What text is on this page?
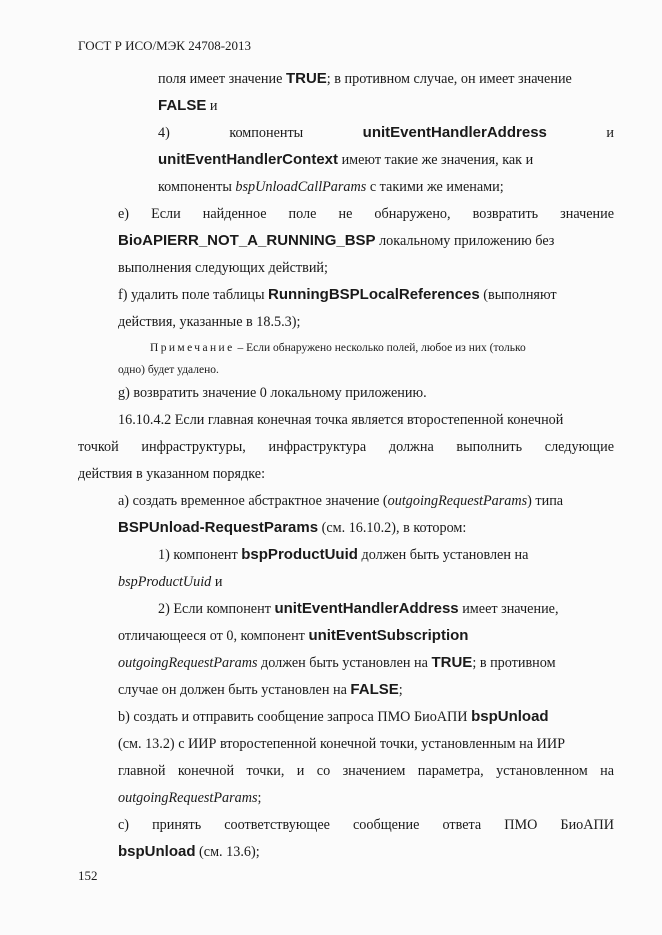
ГОСТ Р ИСО/МЭК 24708-2013
поля имеет значение TRUE; в противном случае, он имеет значение
FALSE и
4)	компоненты	unitEventHandlerAddress	и
unitEventHandlerContext имеют такие же значения, как и
компоненты bspUnloadCallParams с такими же именами;
е) Если найденное поле не обнаружено, возвратить значение
BioAPIERR_NOT_A_RUNNING_BSP локальному приложению без
выполнения следующих действий;
f) удалить поле таблицы RunningBSPLocalReferences (выполняют
действия, указанные в 18.5.3);
Примечание – Если обнаружено несколько полей, любое из них (только
одно) будет удалено.
g) возвратить значение 0 локальному приложению.
16.10.4.2 Если главная конечная точка является второстепенной конечной
точкой инфраструктуры, инфраструктура должна выполнить следующие
действия в указанном порядке:
а) создать временное абстрактное значение (outgoingRequestParams) типа
BSPUnload-RequestParams (см. 16.10.2), в котором:
1) компонент bspProductUuid должен быть установлен на
bspProductUuid и
2) Если компонент unitEventHandlerAddress имеет значение,
отличающееся от 0, компонент unitEventSubscription
outgoingRequestParams должен быть установлен на TRUE; в противном
случае он должен быть установлен на FALSE;
b) создать и отправить сообщение запроса ПМО БиоАПИ bspUnload
(см. 13.2) с ИИР второстепенной конечной точки, установленным на ИИР
главной конечной точки, и со значением параметра, установленном на
outgoingRequestParams;
с) принять соответствующее сообщение ответа ПМО БиоАПИ
bspUnload (см. 13.6);
152
